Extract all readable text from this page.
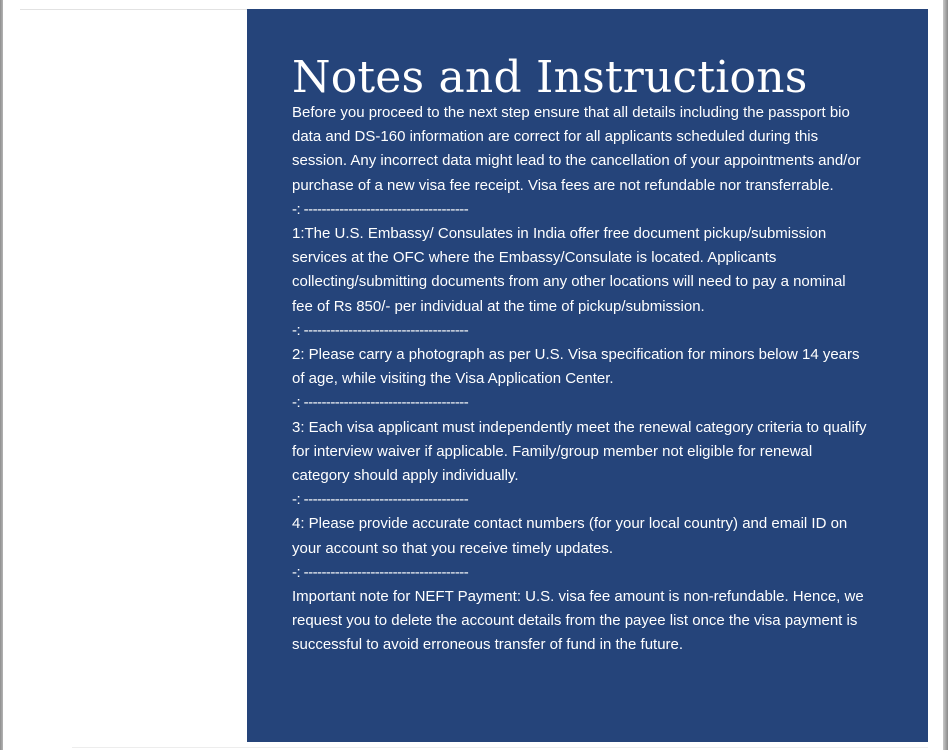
Notes and Instructions

Before you proceed to the next step ensure that all details including the passport bio data and DS-160 information are correct for all applicants scheduled during this session. Any incorrect data might lead to the cancellation of your appointments and/or purchase of a new visa fee receipt. Visa fees are not refundable nor transferrable.

-: -------------------------------------

1:The U.S. Embassy/ Consulates in India offer free document pickup/submission services at the OFC where the Embassy/Consulate is located. Applicants collecting/submitting documents from any other locations will need to pay a nominal fee of Rs 850/- per individual at the time of pickup/submission.

-: -------------------------------------

2: Please carry a photograph as per U.S. Visa specification for minors below 14 years of age, while visiting the Visa Application Center.

-: -------------------------------------

3: Each visa applicant must independently meet the renewal category criteria to qualify for interview waiver if applicable. Family/group member not eligible for renewal category should apply individually.

-: -------------------------------------

4: Please provide accurate contact numbers (for your local country) and email ID on your account so that you receive timely updates.

-: -------------------------------------

Important note for NEFT Payment: U.S. visa fee amount is non-refundable. Hence, we request you to delete the account details from the payee list once the visa payment is successful to avoid erroneous transfer of fund in the future.
